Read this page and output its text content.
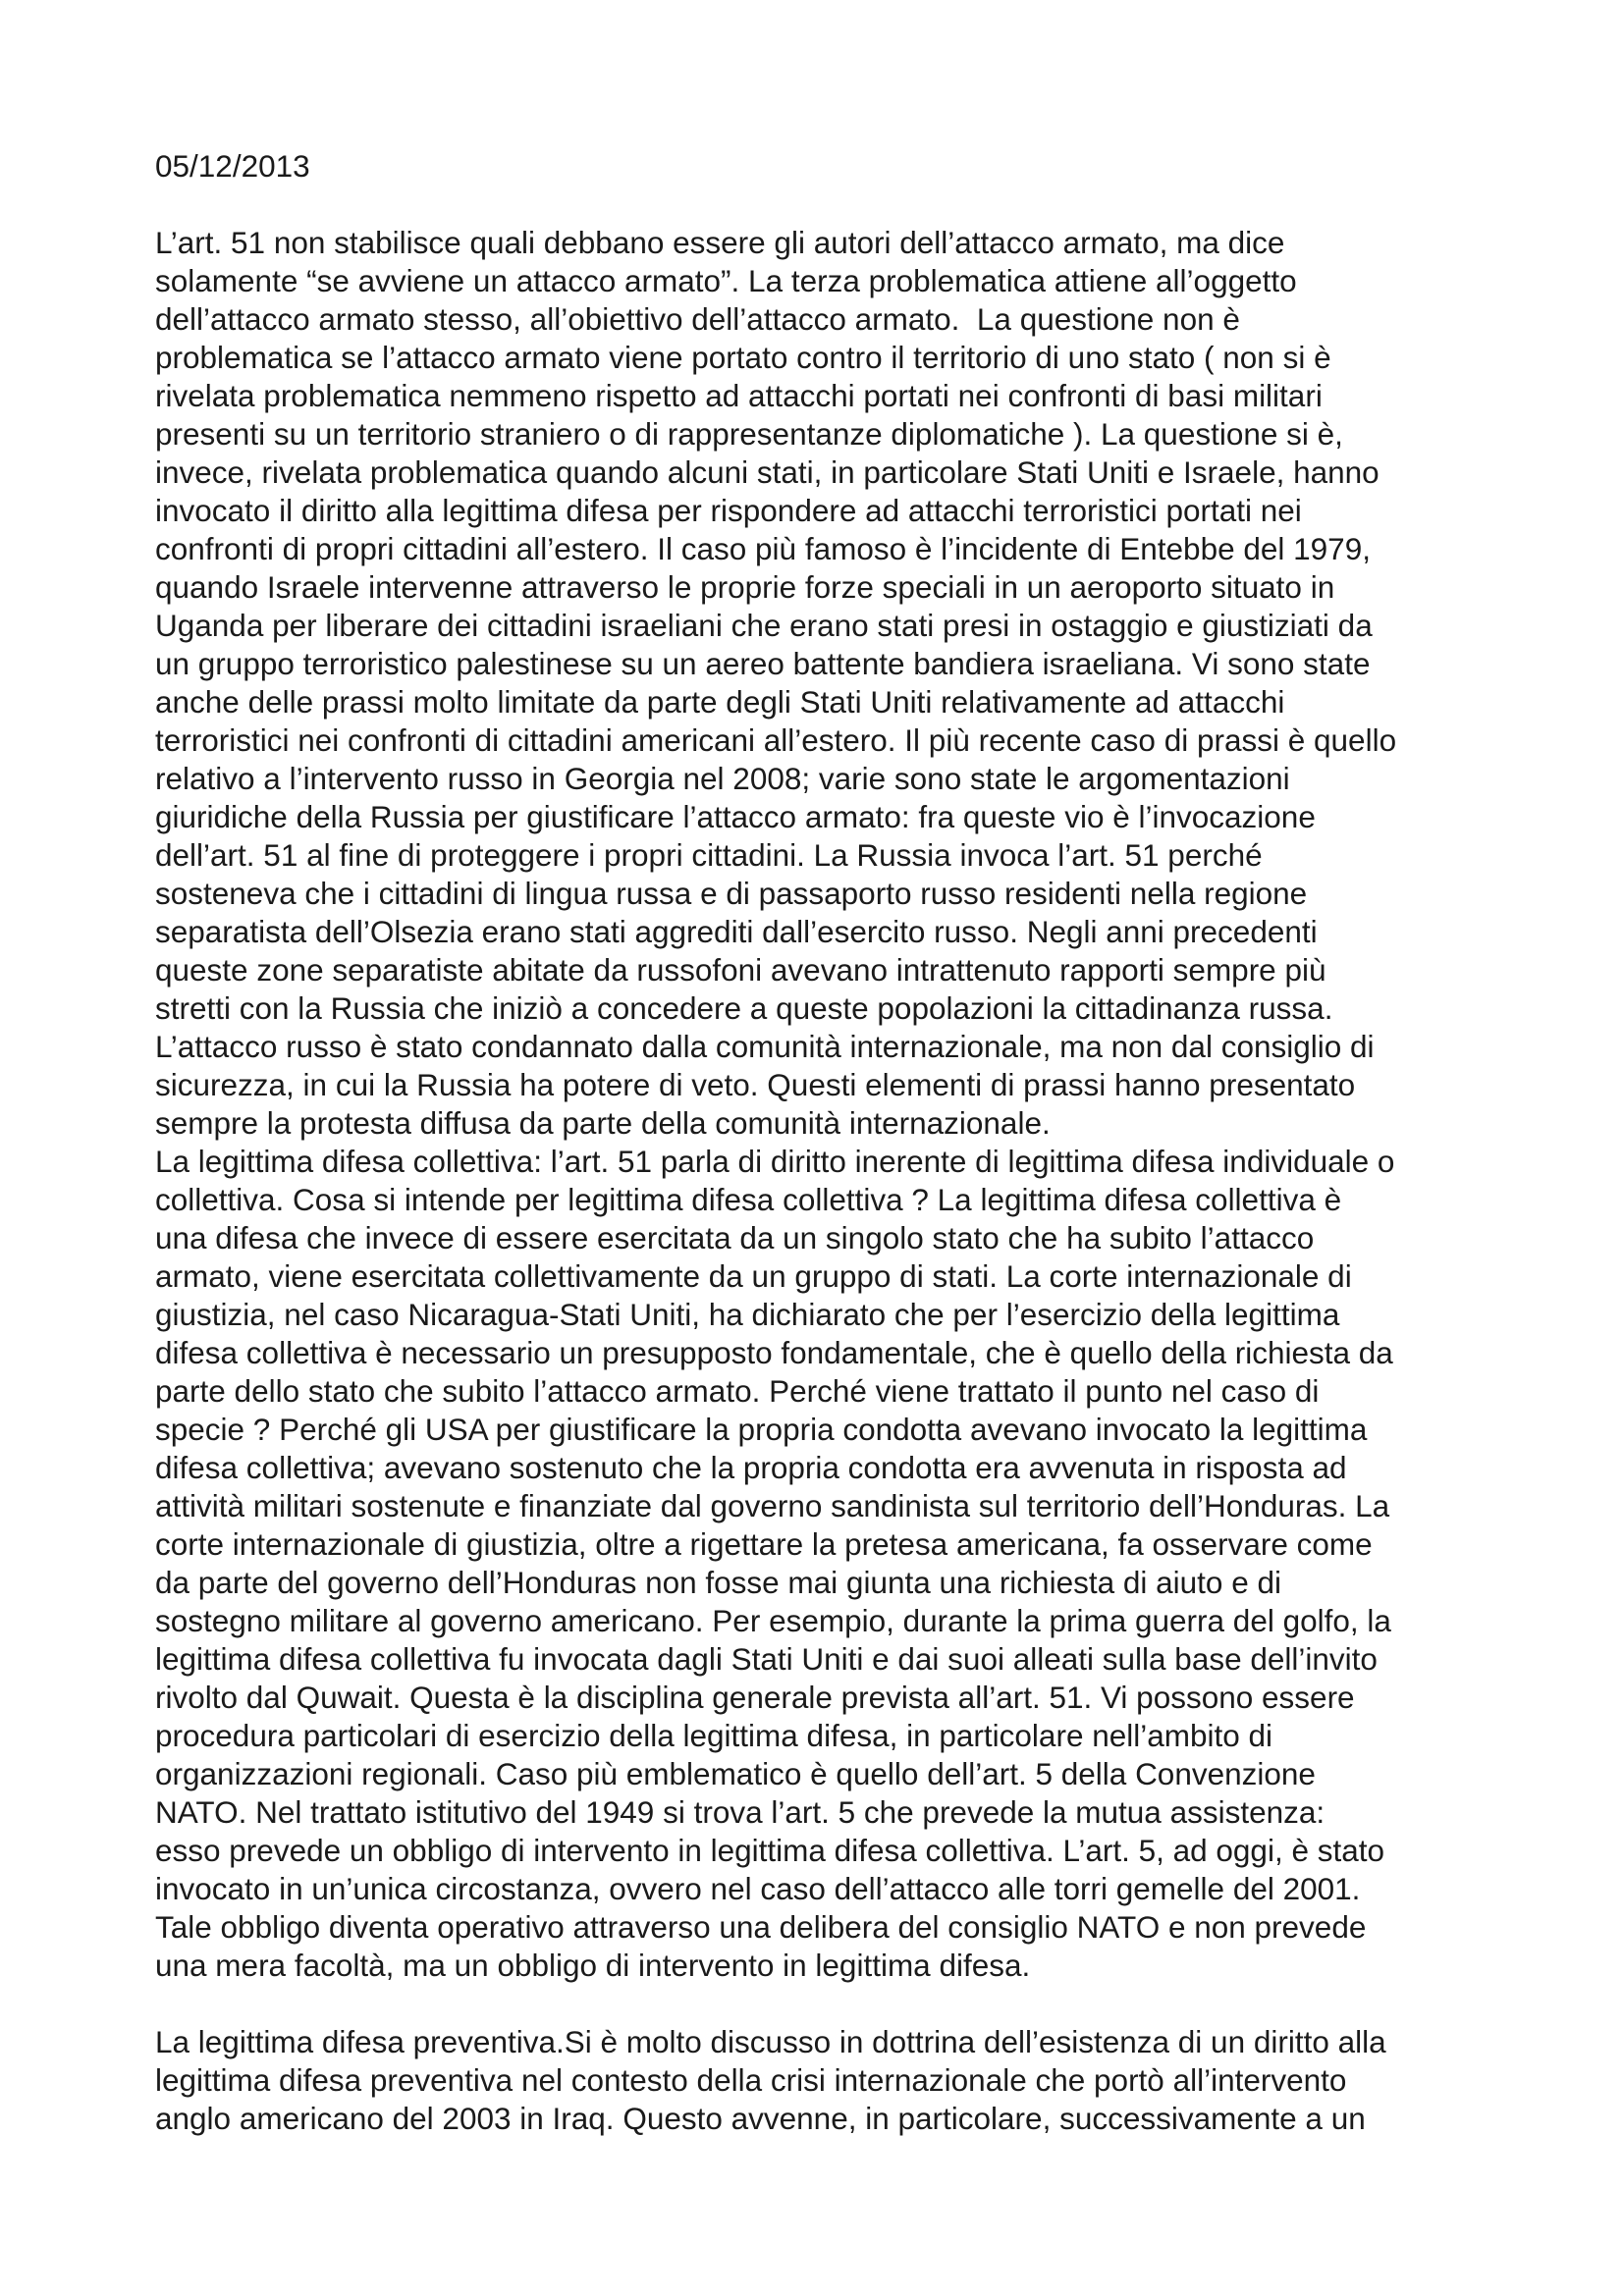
05/12/2013
L’art. 51 non stabilisce quali debbano essere gli autori dell’attacco armato, ma dice
solamente “se avviene un attacco armato”. La terza problematica attiene all’oggetto
dell’attacco armato stesso, all’obiettivo dell’attacco armato.  La questione non è
problematica se l’attacco armato viene portato contro il territorio di uno stato ( non si è
rivelata problematica nemmeno rispetto ad attacchi portati nei confronti di basi militari
presenti su un territorio straniero o di rappresentanze diplomatiche ). La questione si è,
invece, rivelata problematica quando alcuni stati, in particolare Stati Uniti e Israele, hanno
invocato il diritto alla legittima difesa per rispondere ad attacchi terroristici portati nei
confronti di propri cittadini all’estero. Il caso più famoso è l’incidente di Entebbe del 1979,
quando Israele intervenne attraverso le proprie forze speciali in un aeroporto situato in
Uganda per liberare dei cittadini israeliani che erano stati presi in ostaggio e giustiziati da
un gruppo terroristico palestinese su un aereo battente bandiera israeliana. Vi sono state
anche delle prassi molto limitate da parte degli Stati Uniti relativamente ad attacchi
terroristici nei confronti di cittadini americani all’estero. Il più recente caso di prassi è quello
relativo a l’intervento russo in Georgia nel 2008; varie sono state le argomentazioni
giuridiche della Russia per giustificare l’attacco armato: fra queste vio è l’invocazione
dell’art. 51 al fine di proteggere i propri cittadini. La Russia invoca l’art. 51 perché
sosteneva che i cittadini di lingua russa e di passaporto russo residenti nella regione
separatista dell’Olsezia erano stati aggrediti dall’esercito russo. Negli anni precedenti
queste zone separatiste abitate da russofoni avevano intrattenuto rapporti sempre più
stretti con la Russia che iniziò a concedere a queste popolazioni la cittadinanza russa.
L’attacco russo è stato condannato dalla comunità internazionale, ma non dal consiglio di
sicurezza, in cui la Russia ha potere di veto. Questi elementi di prassi hanno presentato
sempre la protesta diffusa da parte della comunità internazionale.
La legittima difesa collettiva: l’art. 51 parla di diritto inerente di legittima difesa individuale o
collettiva. Cosa si intende per legittima difesa collettiva ? La legittima difesa collettiva è
una difesa che invece di essere esercitata da un singolo stato che ha subito l’attacco
armato, viene esercitata collettivamente da un gruppo di stati. La corte internazionale di
giustizia, nel caso Nicaragua-Stati Uniti, ha dichiarato che per l’esercizio della legittima
difesa collettiva è necessario un presupposto fondamentale, che è quello della richiesta da
parte dello stato che subito l’attacco armato. Perché viene trattato il punto nel caso di
specie ? Perché gli USA per giustificare la propria condotta avevano invocato la legittima
difesa collettiva; avevano sostenuto che la propria condotta era avvenuta in risposta ad
attività militari sostenute e finanziate dal governo sandinista sul territorio dell’Honduras. La
corte internazionale di giustizia, oltre a rigettare la pretesa americana, fa osservare come
da parte del governo dell’Honduras non fosse mai giunta una richiesta di aiuto e di
sostegno militare al governo americano. Per esempio, durante la prima guerra del golfo, la
legittima difesa collettiva fu invocata dagli Stati Uniti e dai suoi alleati sulla base dell’invito
rivolto dal Quwait. Questa è la disciplina generale prevista all’art. 51. Vi possono essere
procedura particolari di esercizio della legittima difesa, in particolare nell’ambito di
organizzazioni regionali. Caso più emblematico è quello dell’art. 5 della Convenzione
NATO. Nel trattato istitutivo del 1949 si trova l’art. 5 che prevede la mutua assistenza:
esso prevede un obbligo di intervento in legittima difesa collettiva. L’art. 5, ad oggi, è stato
invocato in un’unica circostanza, ovvero nel caso dell’attacco alle torri gemelle del 2001.
Tale obbligo diventa operativo attraverso una delibera del consiglio NATO e non prevede
una mera facoltà, ma un obbligo di intervento in legittima difesa.
La legittima difesa preventiva.Si è molto discusso in dottrina dell’esistenza di un diritto alla
legittima difesa preventiva nel contesto della crisi internazionale che portò all’intervento
anglo americano del 2003 in Iraq. Questo avvenne, in particolare, successivamente a un
